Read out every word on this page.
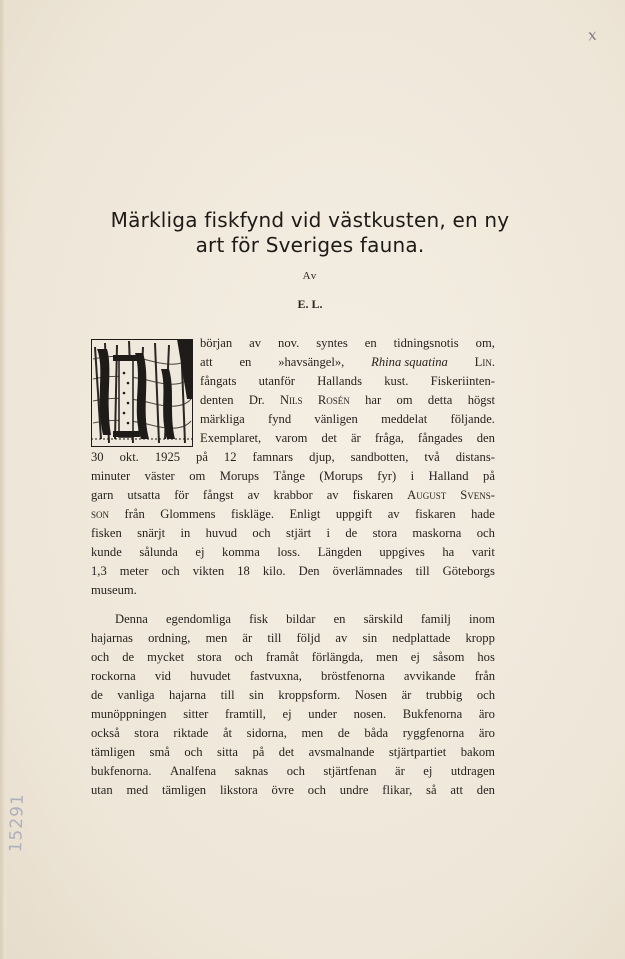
x
Märkliga fiskfynd vid västkusten, en ny
art för Sveriges fauna.
Av
E. L.
början av nov. syntes en tidningsnotis om,
att en »havsängel», Rhina squatina Lin.
fångats utanför Hallands kust. Fiskeriinten-
denten Dr. Nils Rosén har om detta högst
märkliga fynd vänligen meddelat följande.
Exemplaret, varom det är fråga, fångades den
30 okt. 1925 på 12 famnars djup, sandbotten, två distans-
minuter väster om Morups Tånge (Morups fyr) i Halland på
garn utsatta för fångst av krabbor av fiskaren August Svens-
son från Glommens fiskläge. Enligt uppgift av fiskaren hade
fisken snärjt in huvud och stjärt i de stora maskorna och
kunde sålunda ej komma loss. Längden uppgives ha varit
1,3 meter och vikten 18 kilo. Den överlämnades till Göteborgs
museum.
Denna egendomliga fisk bildar en särskild familj inom
hajarnas ordning, men är till följd av sin nedplattade kropp
och de mycket stora och framåt förlängda, men ej såsom hos
rockorna vid huvudet fastvuxna, bröstfenorna avvikande från
de vanliga hajarna till sin kroppsform. Nosen är trubbig och
munöppningen sitter framtill, ej under nosen. Bukfenorna äro
också stora riktade åt sidorna, men de båda ryggfenorna äro
tämligen små och sitta på det avsmalnande stjärtpartiet bakom
bukfenorna. Analfena saknas och stjärtfenan är ej utdragen
utan med tämligen likstora övre och undre flikar, så att den
15291
